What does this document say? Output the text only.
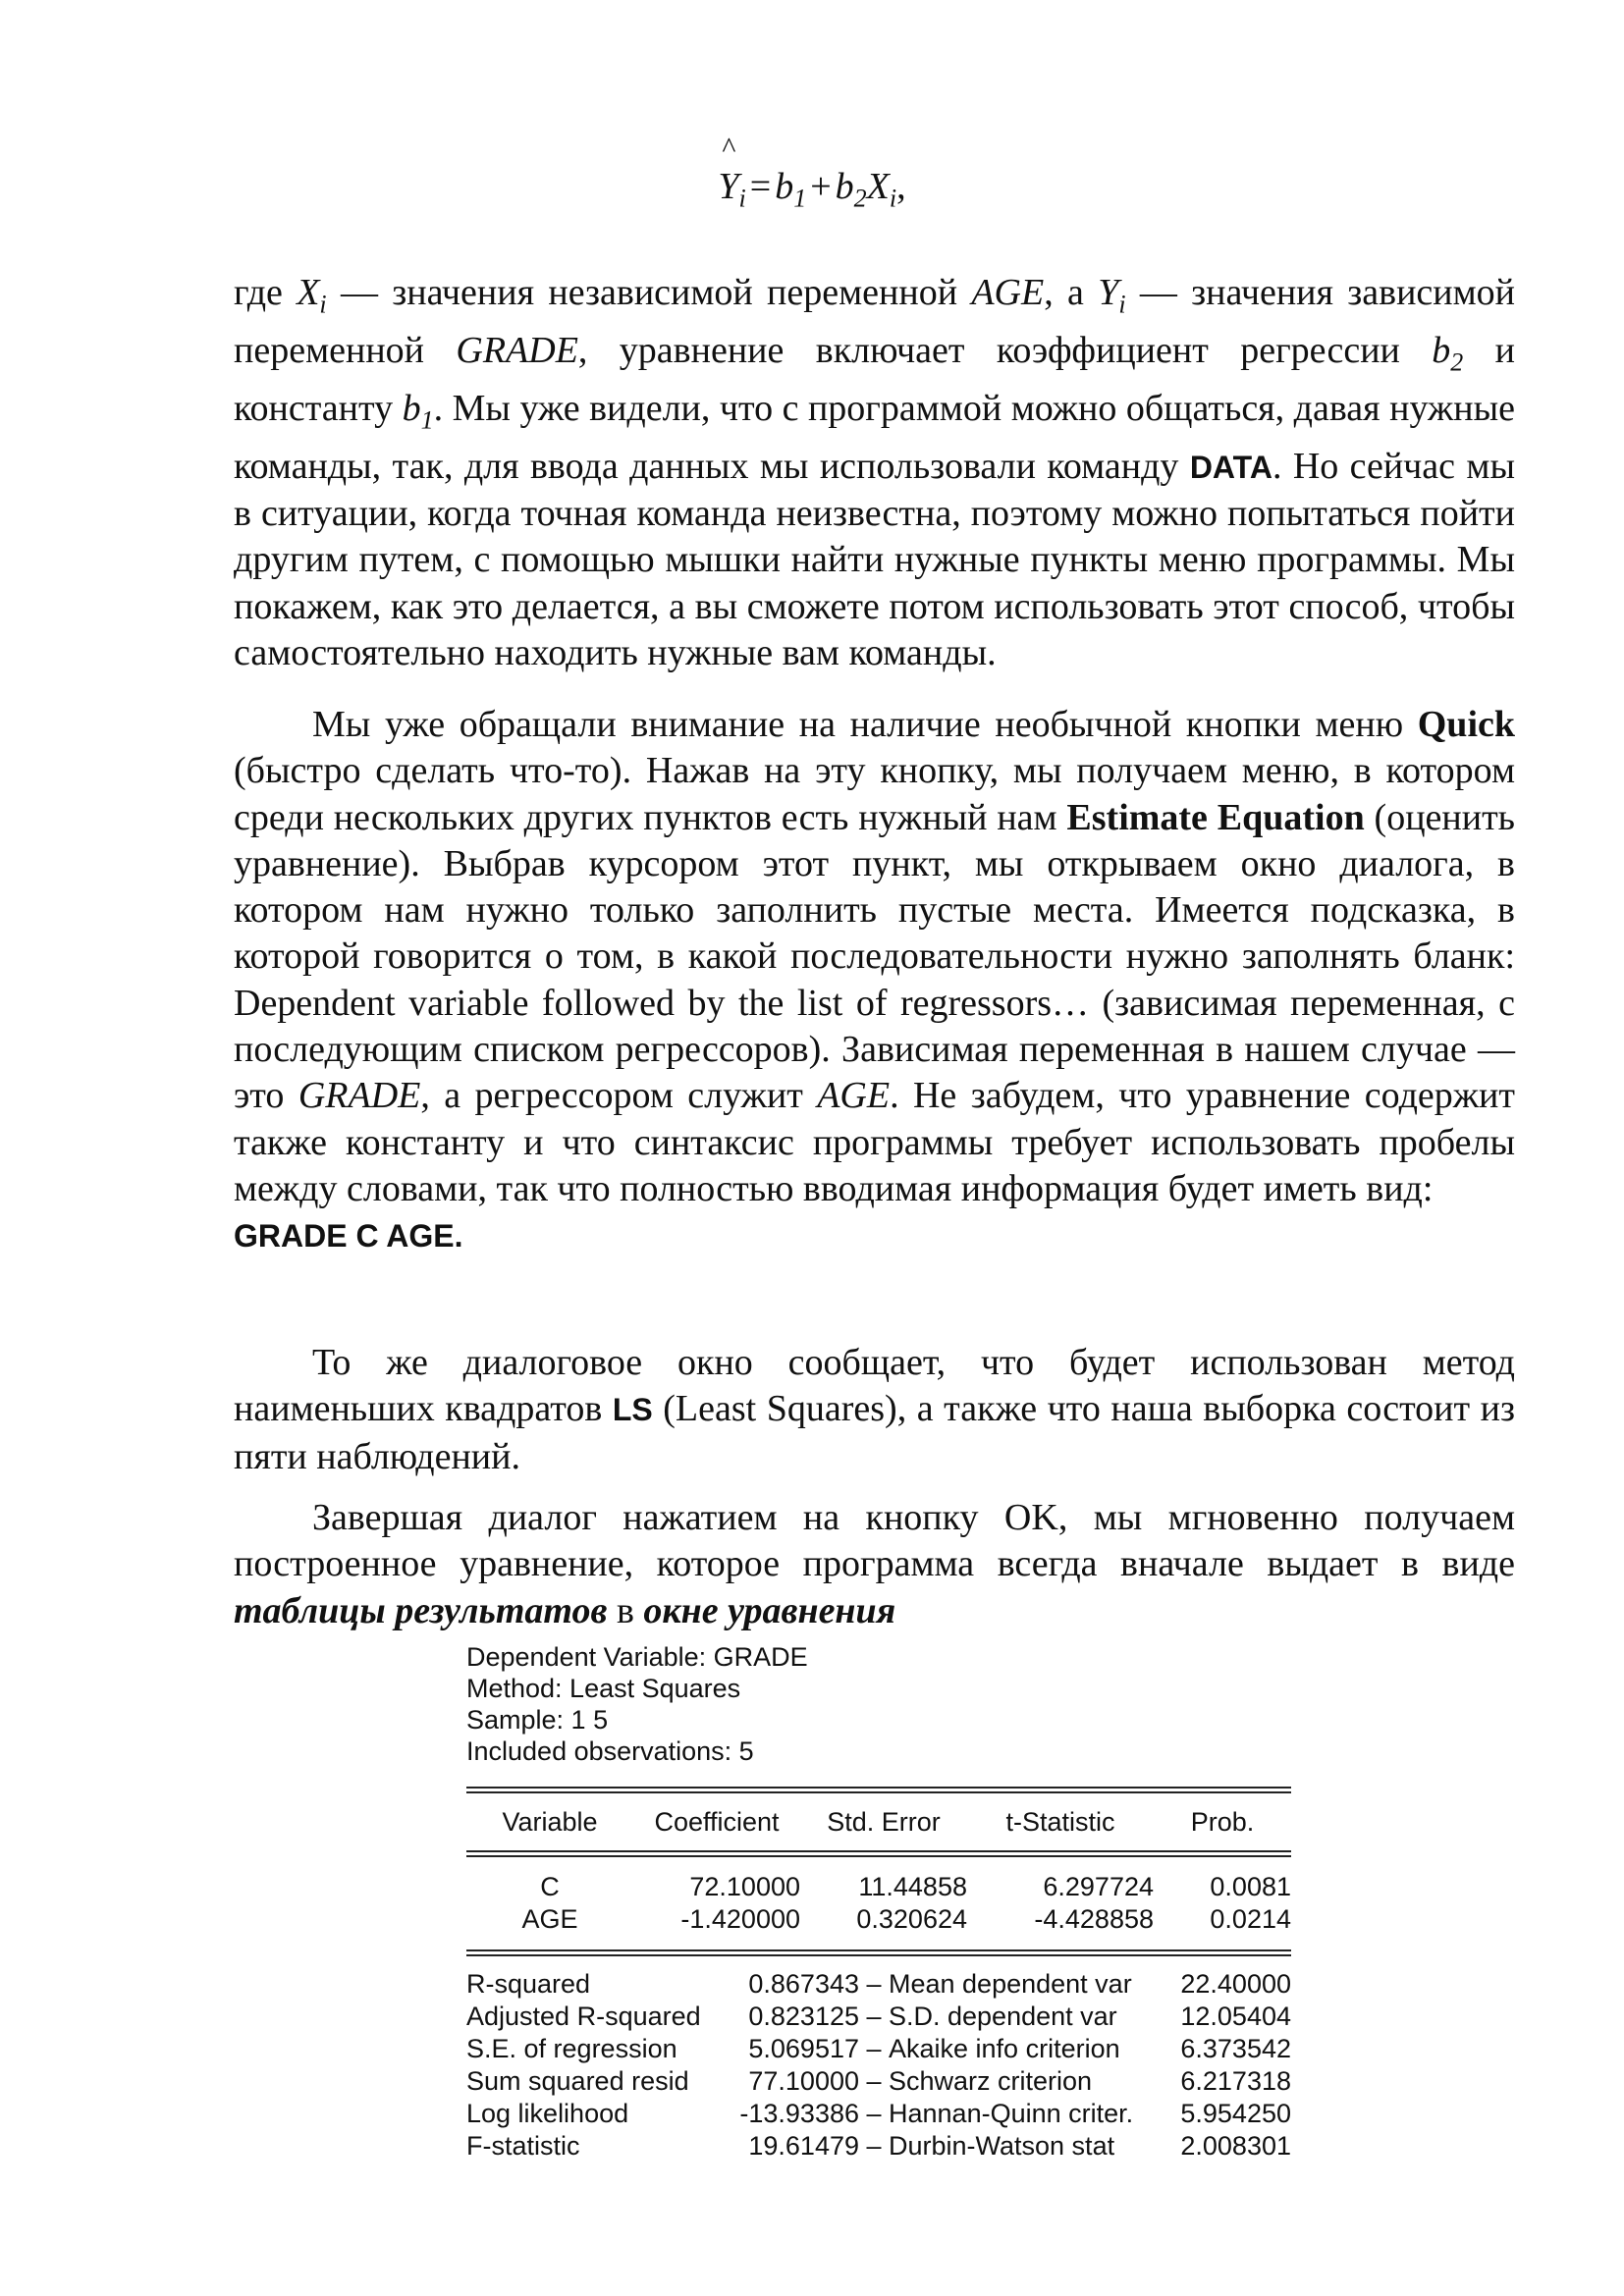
^
$Y_i = b_1 + b_2X_i$,

где $X_i$ — значения независимой переменной AGE, а $Y_i$ — значения зависимой переменной GRADE, уравнение включает коэффициент регрессии $b_2$ и константу $b_1$. Мы уже видели, что с программой можно общаться, давая нужные команды, так, для ввода данных мы использовали команду DATA. Но сейчас мы в ситуации, когда точная команда неизвестна, поэтому можно попытаться пойти другим путем, с помощью мышки найти нужные пункты меню программы. Мы покажем, как это делается, а вы сможете потом использовать этот способ, чтобы самостоятельно находить нужные вам команды.

Мы уже обращали внимание на наличие необычной кнопки меню Quick (быстро сделать что-то). Нажав на эту кнопку, мы получаем меню, в котором среди нескольких других пунктов есть нужный нам Estimate Equation (оценить уравнение). Выбрав курсором этот пункт, мы открываем окно диалога, в котором нам нужно только заполнить пустые места. Имеется подсказка, в которой говорится о том, в какой последовательности нужно заполнять бланк: Dependent variable followed by the list of regressors… (зависимая переменная, с последующим списком регрессоров). Зависимая переменная в нашем случае — это GRADE, а регрессором служит AGE. Не забудем, что уравнение содержит также константу и что синтаксис программы требует использовать пробелы между словами, так что полностью вводимая информация будет иметь вид:
GRADE C AGE.

То же диалоговое окно сообщает, что будет использован метод наименьших квадратов LS (Least Squares), а также что наша выборка состоит из пяти наблюдений.

Завершая диалог нажатием на кнопку OK, мы мгновенно получаем построенное уравнение, которое программа всегда вначале выдает в виде таблицы результатов в окне уравнения

Dependent Variable: GRADE
Method: Least Squares
Sample: 1 5
Included observations: 5
Variable	Coefficient	Std. Error	t-Statistic	Prob.
C	72.10000	11.44858	6.297724	0.0081
AGE	-1.420000	0.320624	-4.428858	0.0214
R-squared	0.867343	–	Mean dependent var	22.40000
Adjusted R-squared	0.823125	–	S.D. dependent var	12.05404
S.E. of regression	5.069517	–	Akaike info criterion	6.373542
Sum squared resid	77.10000	–	Schwarz criterion	6.217318
Log likelihood	-13.93386	–	Hannan-Quinn criter.	5.954250
F-statistic	19.61479	–	Durbin-Watson stat	2.008301
